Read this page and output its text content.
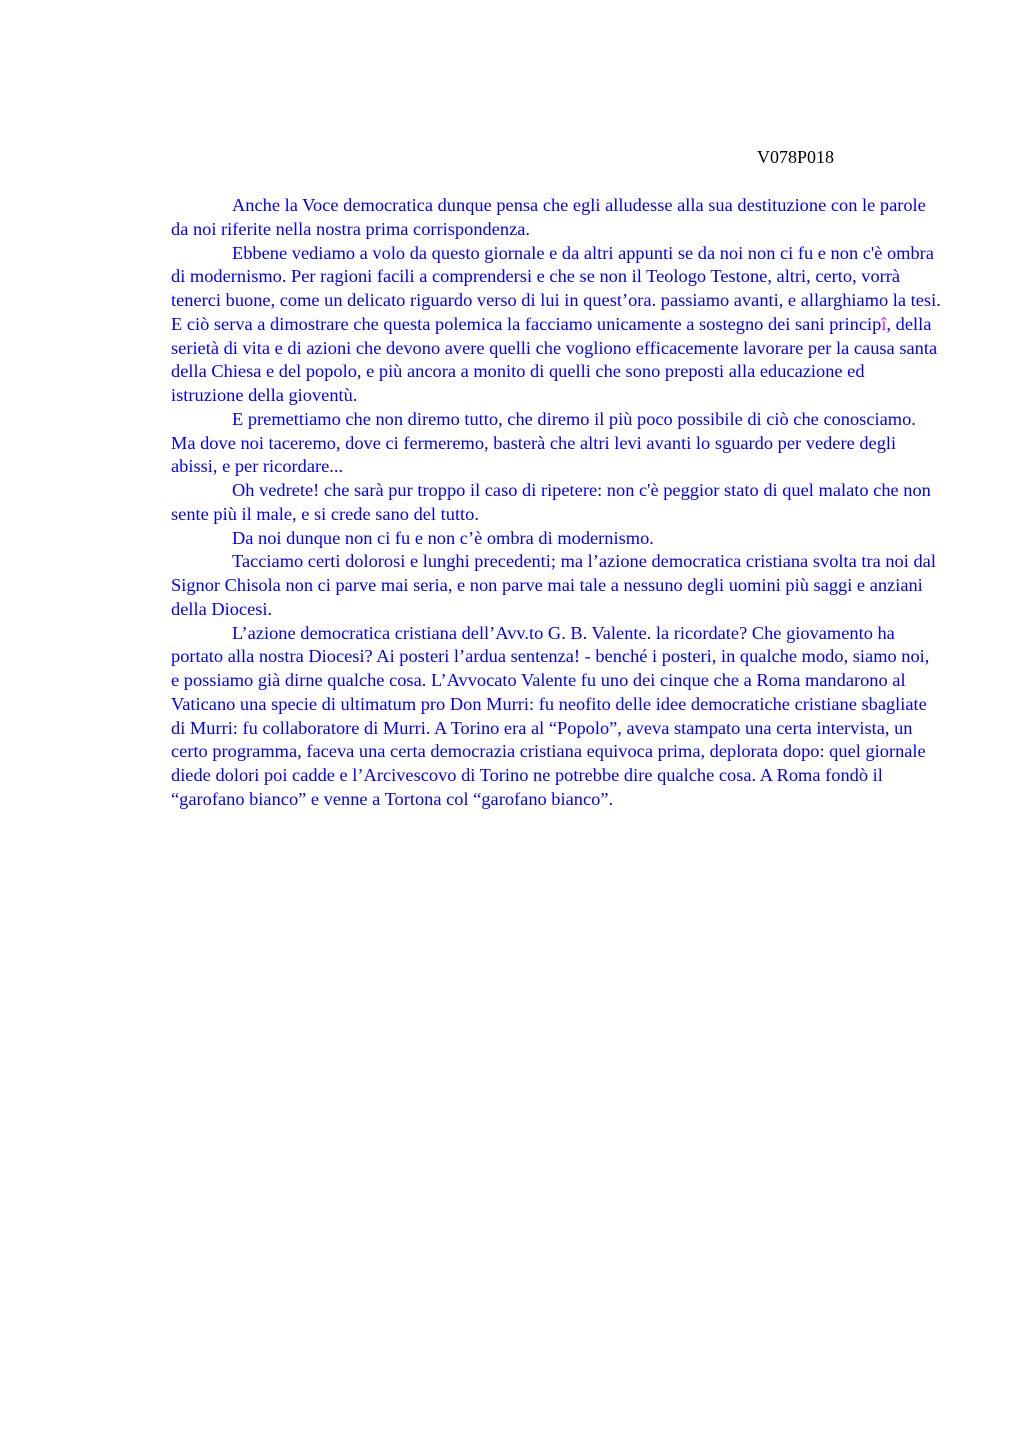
V078P018

Anche la Voce democratica dunque pensa che egli alludesse alla sua destituzione con le parole da noi riferite nella nostra prima corrispondenza.

Ebbene vediamo a volo da questo giornale e da altri appunti se da noi non ci fu e non c'è ombra di modernismo. Per ragioni facili a comprendersi e che se non il Teologo Testone, altri, certo, vorrà tenerci buone, come un delicato riguardo verso di lui in quest’ora. passiamo avanti, e allarghiamo la tesi. E ciò serva a dimostrare che questa polemica la facciamo unicamente a sostegno dei sani principî, della serietà di vita e di azioni che devono avere quelli che vogliono efficacemente lavorare per la causa santa della Chiesa e del popolo, e più ancora a monito di quelli che sono preposti alla educazione ed istruzione della gioventù.

E premettiamo che non diremo tutto, che diremo il più poco possibile di ciò che conosciamo. Ma dove noi taceremo, dove ci fermeremo, basterà che altri levi avanti lo sguardo per vedere degli abissi, e per ricordare...

Oh vedrete! che sarà pur troppo il caso di ripetere: non c'è peggior stato di quel malato che non sente più il male, e si crede sano del tutto.

Da noi dunque non ci fu e non c’è ombra di modernismo.

Tacciamo certi dolorosi e lunghi precedenti; ma l’azione democratica cristiana svolta tra noi dal Signor Chisola non ci parve mai seria, e non parve mai tale a nessuno degli uomini più saggi e anziani della Diocesi.

L’azione democratica cristiana dell’Avv.to G. B. Valente. la ricordate? Che giovamento ha portato alla nostra Diocesi? Ai posteri l’ardua sentenza! - benché i posteri, in qualche modo, siamo noi, e possiamo già dirne qualche cosa. L’Avvocato Valente fu uno dei cinque che a Roma mandarono al Vaticano una specie di ultimatum pro Don Murri: fu neofito delle idee democratiche cristiane sbagliate di Murri: fu collaboratore di Murri. A Torino era al “Popolo”, aveva stampato una certa intervista, un certo programma, faceva una certa democrazia cristiana equivoca prima, deplorata dopo: quel giornale diede dolori poi cadde e l’Arcivescovo di Torino ne potrebbe dire qualche cosa. A Roma fondò il “garofano bianco” e venne a Tortona col “garofano bianco”.
